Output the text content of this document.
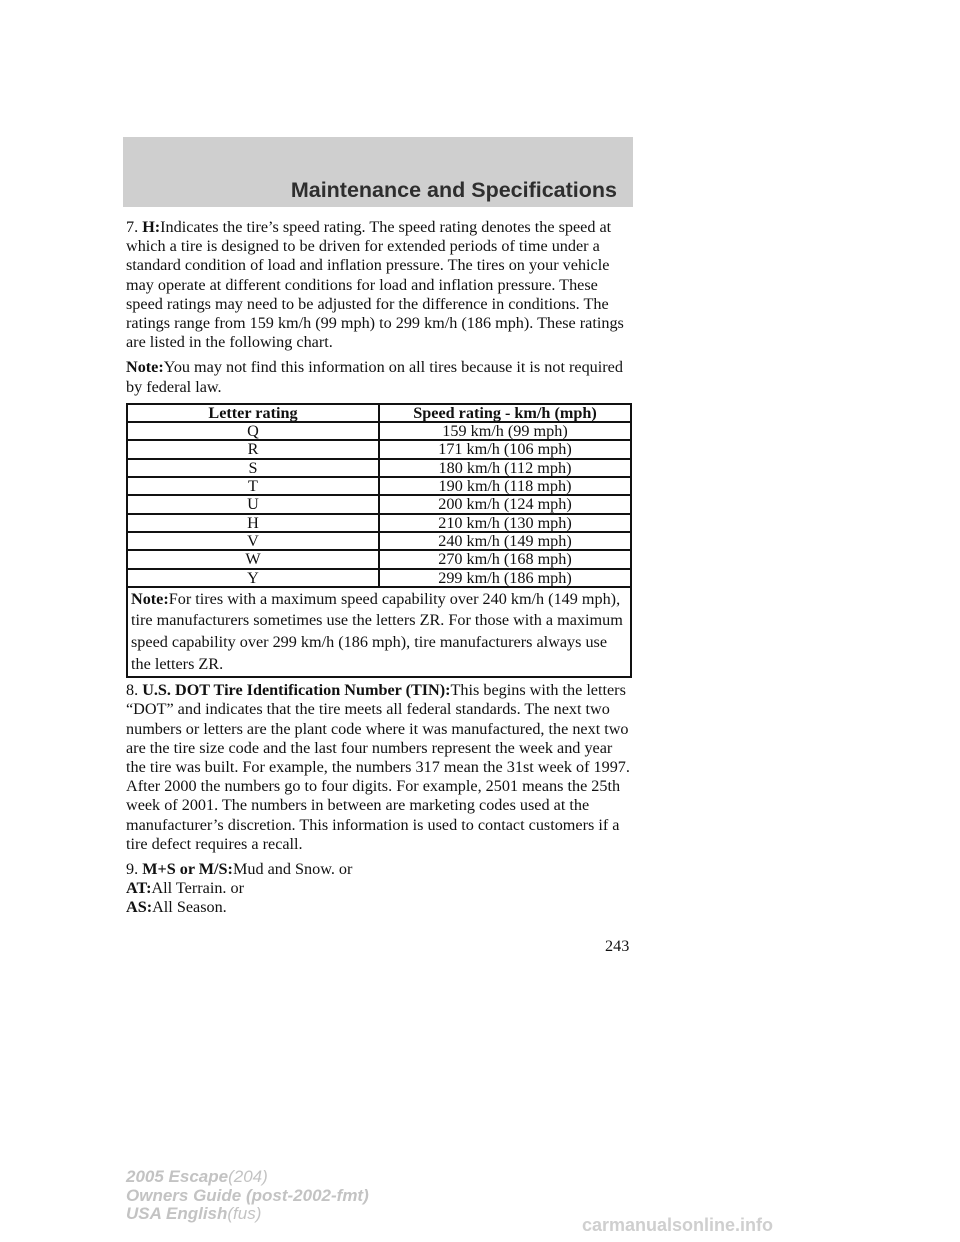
Maintenance and Specifications

7. H:Indicates the tire’s speed rating. The speed rating denotes the speed at which a tire is designed to be driven for extended periods of time under a standard condition of load and inflation pressure. The tires on your vehicle may operate at different conditions for load and inflation pressure. These speed ratings may need to be adjusted for the difference in conditions. The ratings range from 159 km/h (99 mph) to 299 km/h (186 mph). These ratings are listed in the following chart.

Note:You may not find this information on all tires because it is not required by federal law.

Letter rating	Speed rating - km/h (mph)
Q	159 km/h (99 mph)
R	171 km/h (106 mph)
S	180 km/h (112 mph)
T	190 km/h (118 mph)
U	200 km/h (124 mph)
H	210 km/h (130 mph)
V	240 km/h (149 mph)
W	270 km/h (168 mph)
Y	299 km/h (186 mph)
Note:For tires with a maximum speed capability over 240 km/h (149 mph), tire manufacturers sometimes use the letters ZR. For those with a maximum speed capability over 299 km/h (186 mph), tire manufacturers always use the letters ZR.	

8. U.S. DOT Tire Identification Number (TIN):This begins with the letters “DOT” and indicates that the tire meets all federal standards. The next two numbers or letters are the plant code where it was manufactured, the next two are the tire size code and the last four numbers represent the week and year the tire was built. For example, the numbers 317 mean the 31st week of 1997. After 2000 the numbers go to four digits. For example, 2501 means the 25th week of 2001. The numbers in between are marketing codes used at the manufacturer’s discretion. This information is used to contact customers if a tire defect requires a recall.

9. M+S or M/S:Mud and Snow. or
AT:All Terrain. or
AS:All Season.

243
2005 Escape(204)
Owners Guide (post-2002-fmt)
USA English(fus)
carmanualsonline.info
